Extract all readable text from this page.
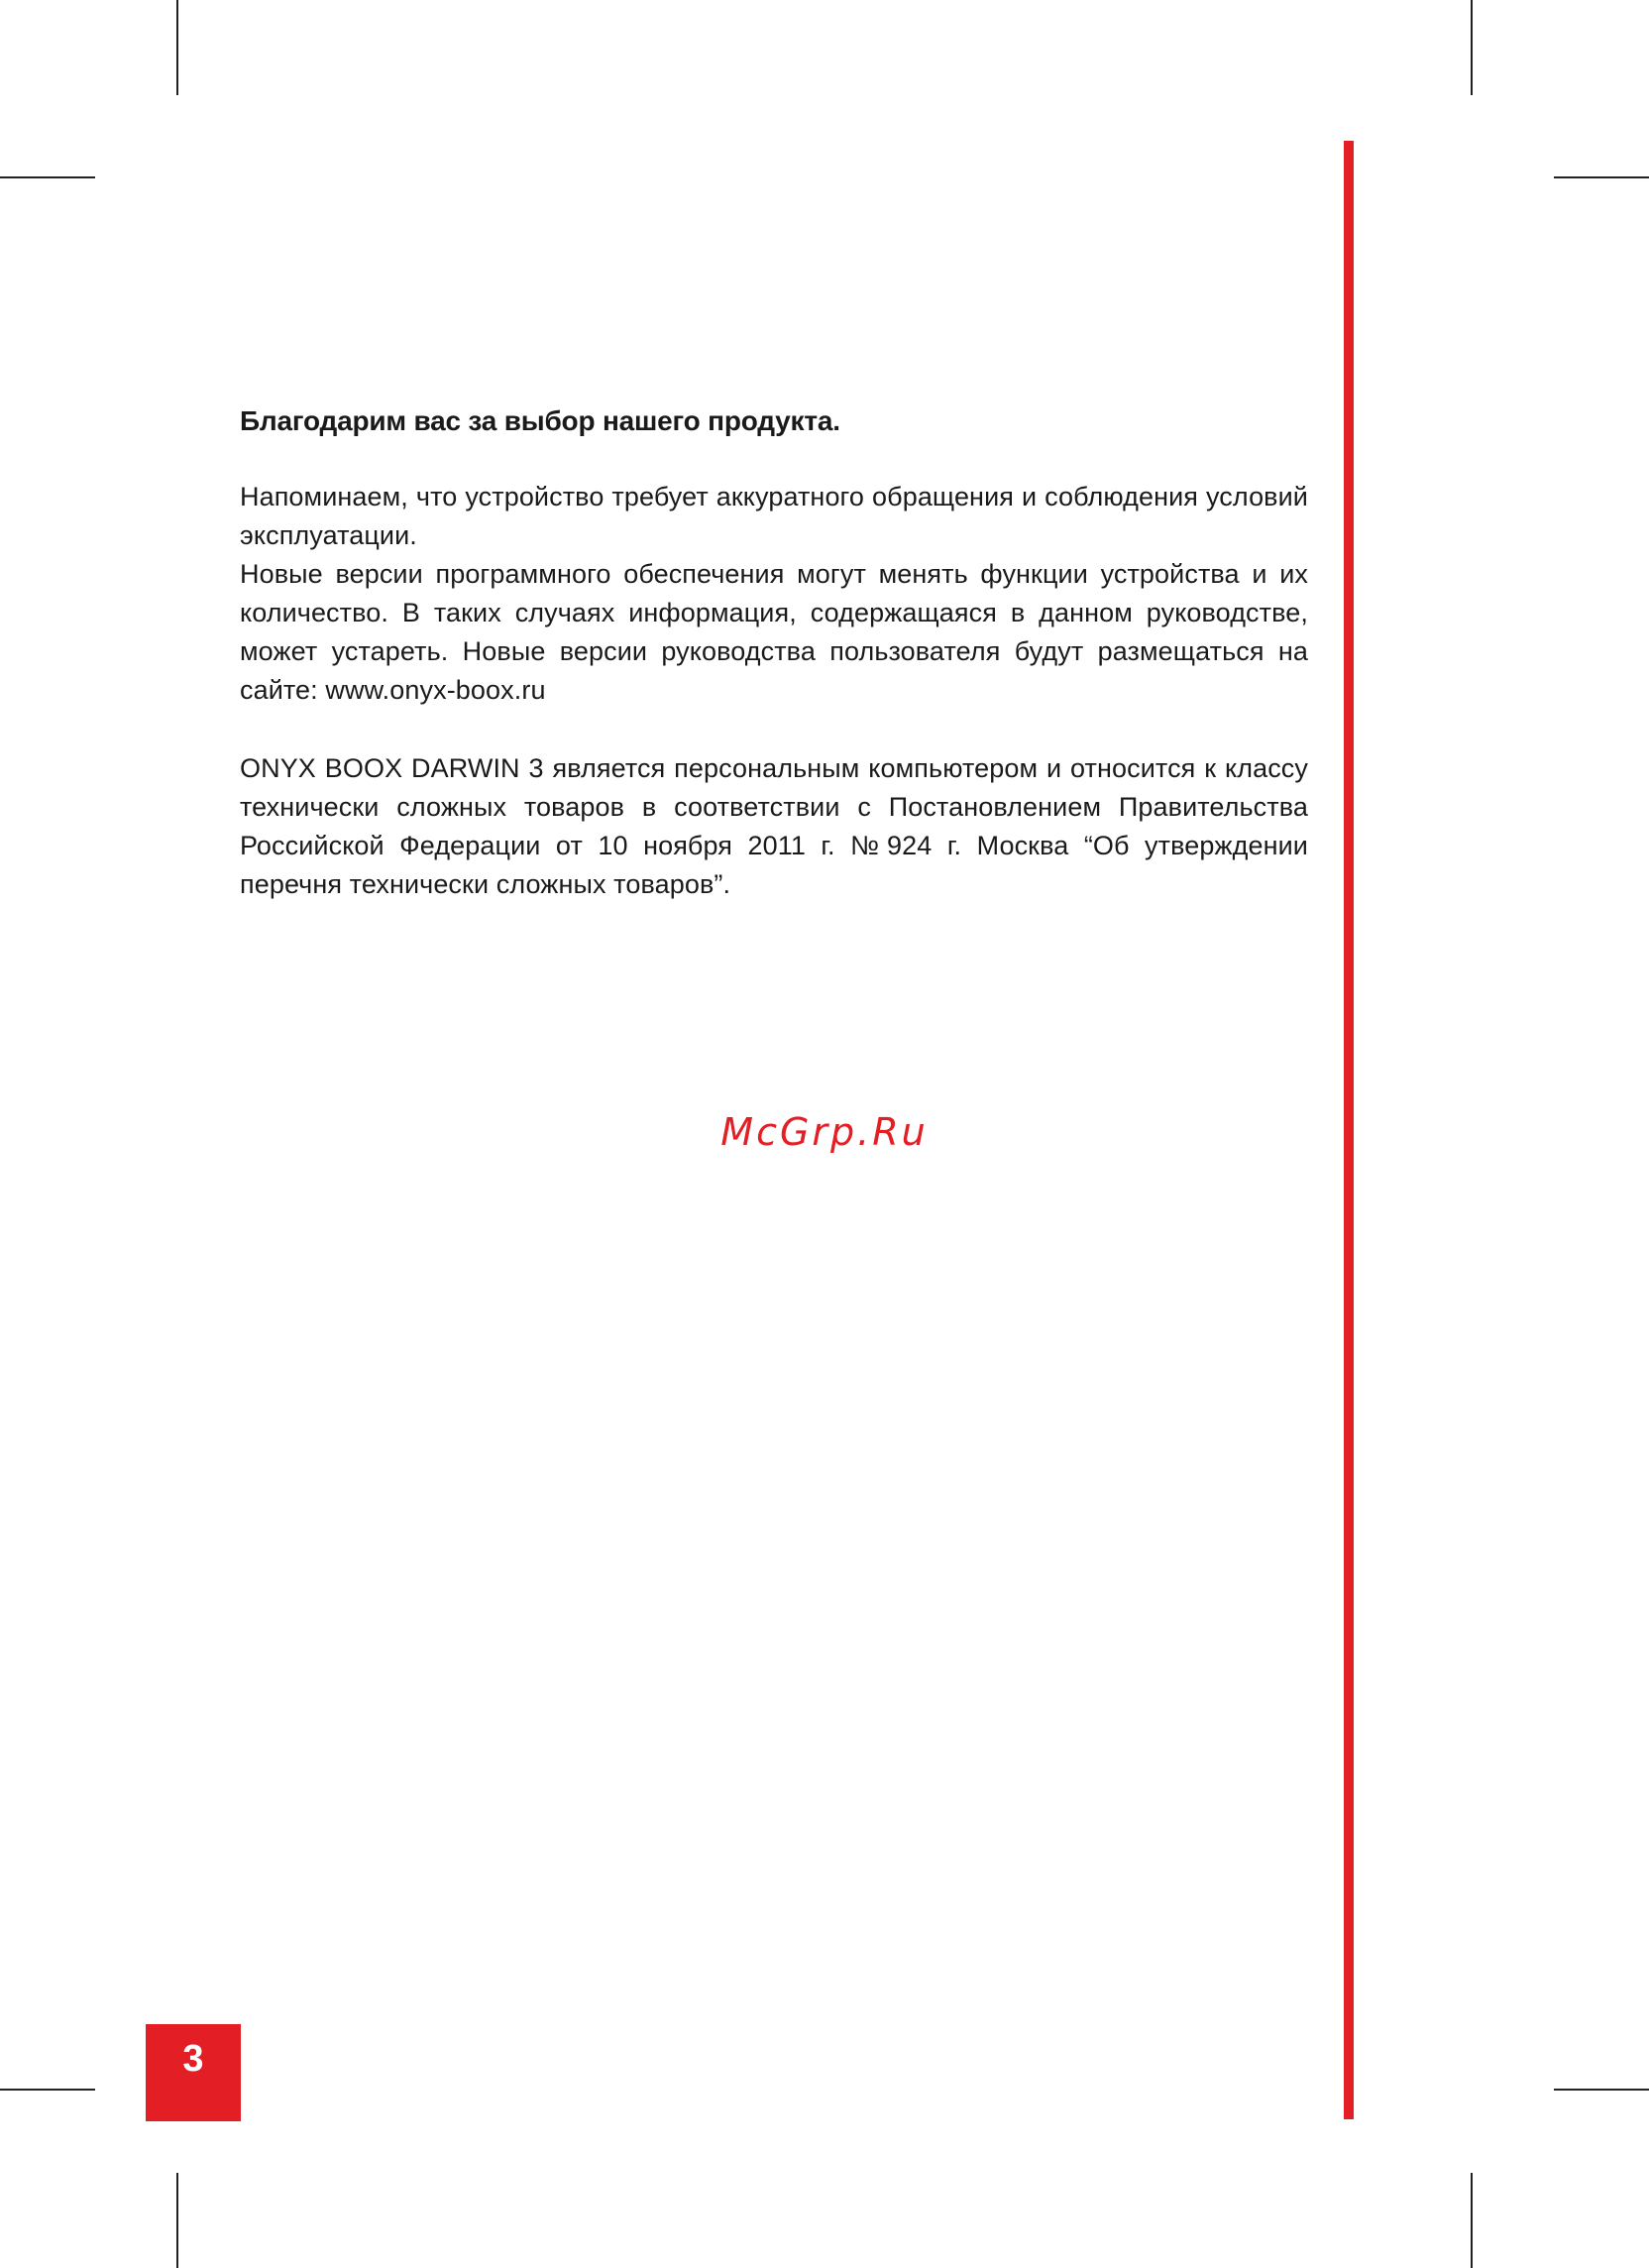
Благодарим вас за выбор нашего продукта.

Напоминаем, что устройство требует аккуратного обращения и соблюдения условий эксплуатации.

Новые версии программного обеспечения могут менять функции устройства и их количество. В таких случаях информация, содержащаяся в данном руководстве, может устареть. Новые версии руководства пользователя будут размещаться на сайте: www.onyx-boox.ru

ONYX BOOX DARWIN 3 является персональным компьютером и относится к классу технически сложных товаров в соответствии с Постановлением Правительства Российской Федерации от 10 ноября 2011 г. №924 г. Москва “Об утверждении перечня технически сложных товаров”.

McGrp.Ru
3
